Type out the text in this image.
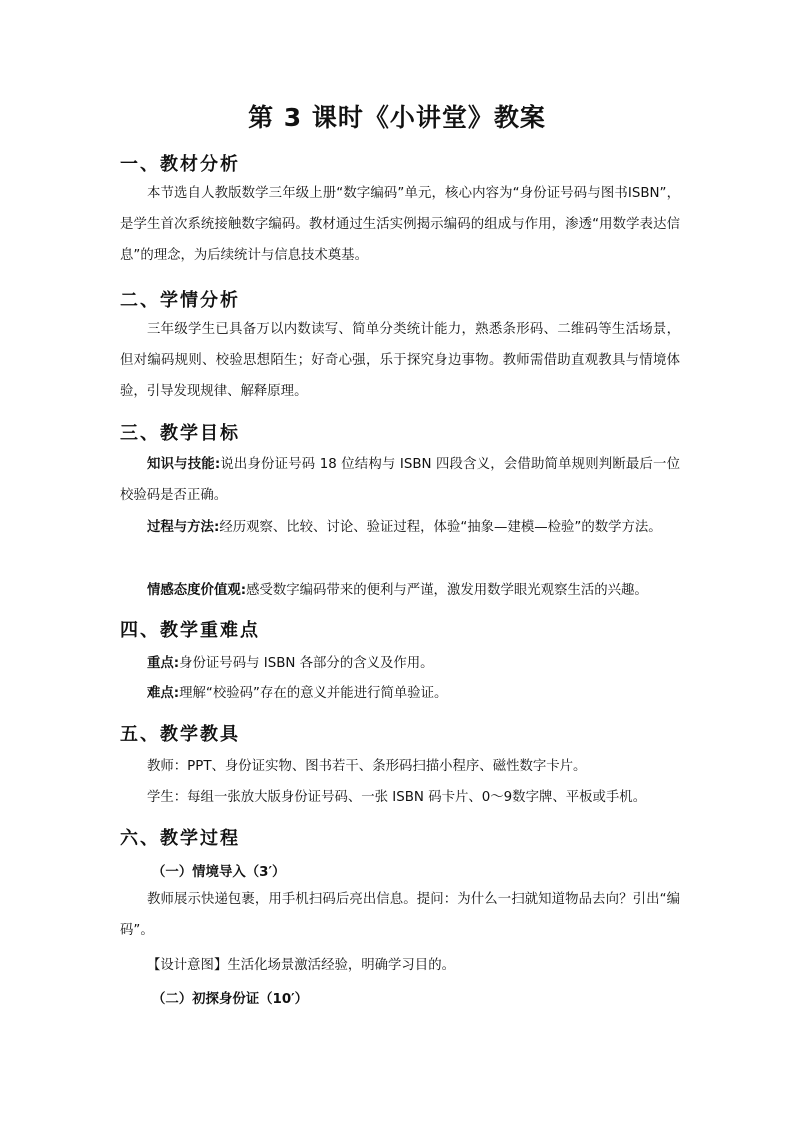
第 3 课时《小讲堂》教案
一、教材分析

本节选自人教版数学三年级上册“数字编码”单元，核心内容为“身份证号码与图书ISBN”，是学生首次系统接触数字编码。教材通过生活实例揭示编码的组成与作用，渗透“用数学表达信息”的理念，为后续统计与信息技术奠基。

二、学情分析

三年级学生已具备万以内数读写、简单分类统计能力，熟悉条形码、二维码等生活场景，但对编码规则、校验思想陌生；好奇心强，乐于探究身边事物。教师需借助直观教具与情境体验，引导发现规律、解释原理。

三、教学目标

知识与技能:说出身份证号码 18 位结构与 ISBN 四段含义，会借助简单规则判断最后一位校验码是否正确。

过程与方法:经历观察、比较、讨论、验证过程，体验“抽象—建模—检验”的数学方法。

情感态度价值观:感受数字编码带来的便利与严谨，激发用数学眼光观察生活的兴趣。

四、教学重难点
重点:身份证号码与 ISBN 各部分的含义及作用。
难点:理解“校验码”存在的意义并能进行简单验证。
五、教学教具
教师：PPT、身份证实物、图书若干、条形码扫描小程序、磁性数字卡片。
学生：每组一张放大版身份证号码、一张 ISBN 码卡片、0～9数字牌、平板或手机。
六、教学过程
（一）情境导入（3′）

教师展示快递包裹，用手机扫码后亮出信息。提问：为什么一扫就知道物品去向？引出“编码”。

【设计意图】生活化场景激活经验，明确学习目的。
（二）初探身份证（10′）
